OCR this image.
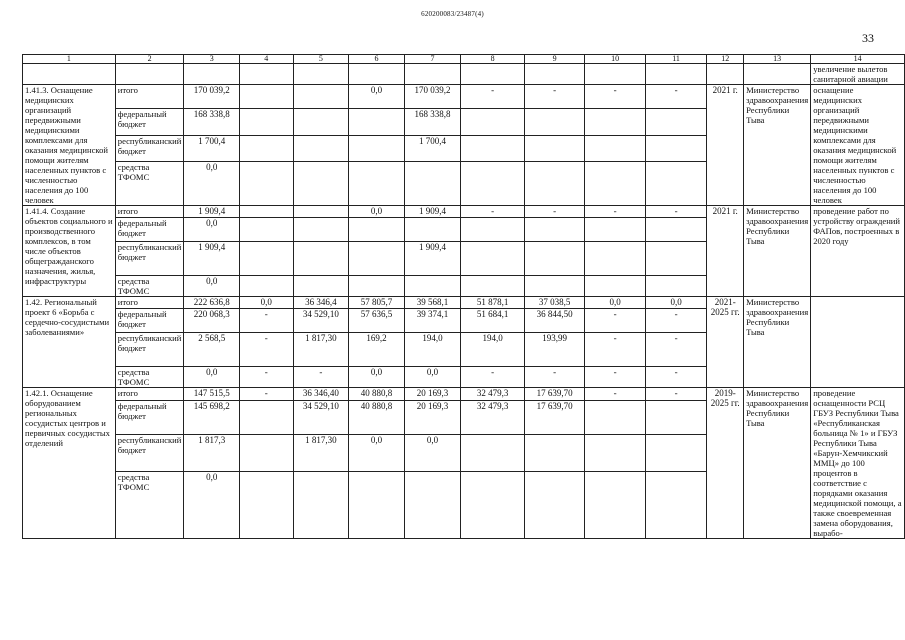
620200083/23487(4)
33
1	2	3	4	5	6	7	8	9	10	11	12	13	14
													увеличение вылетов санитарной авиации
1.41.3. Оснащение медицинских организаций передвижными медицинскими комплексами для оказания медицинской помощи жителям населенных пунктов с численностью населения до 100 человек	итого	170 039,2			0,0	170 039,2	-	-	-	-	2021 г.	Министерство здравоохранения Республики Тыва	оснащение медицинских организаций передвижными медицинскими комплексами для оказания медицинской помощи жителям населенных пунктов с численностью населения до 100 человек
	федеральный бюджет	168 338,8				168 338,8							
	республиканский бюджет	1 700,4				1 700,4							
	средства ТФОМС	0,0											
1.41.4. Создание объектов социального и производственного комплексов, в том числе объектов общегражданского назначения, жилья, инфраструктуры	итого	1 909,4			0,0	1 909,4	-	-	-	-	2021 г.	Министерство здравоохранения Республики Тыва	проведение работ по устройству ограждений ФАПов, построенных в 2020 году
	федеральный бюджет	0,0											
	республиканский бюджет	1 909,4				1 909,4							
	средства ТФОМС	0,0											
1.42. Региональный проект 6 «Борьба с сердечно-сосудистыми заболеваниями»	итого	222 636,8	0,0	36 346,4	57 805,7	39 568,1	51 878,1	37 038,5	0,0	0,0	2021-2025 гг.	Министерство здравоохранения Республики Тыва	
	федеральный бюджет	220 068,3	-	34 529,10	57 636,5	39 374,1	51 684,1	36 844,50	-	-			
	республиканский бюджет	2 568,5	-	1 817,30	169,2	194,0	194,0	193,99	-	-			
	средства ТФОМС	0,0	-	-	0,0	0,0	-	-	-	-			
1.42.1. Оснащение оборудованием региональных сосудистых центров и первичных сосудистых отделений	итого	147 515,5	-	36 346,40	40 880,8	20 169,3	32 479,3	17 639,70	-	-	2019-2025 гг.	Министерство здравоохранения Республики Тыва	проведение оснащенности РСЦ ГБУЗ Республики Тыва «Республиканская больница № 1» и ГБУЗ Республики Тыва «Барун-Хемчикский ММЦ» до 100 процентов в соответствие с порядками оказания медицинской помощи, а также своевременная замена оборудования, вырабо-
	федеральный бюджет	145 698,2		34 529,10	40 880,8	20 169,3	32 479,3	17 639,70					
	республиканский бюджет	1 817,3		1 817,30	0,0	0,0							
	средства ТФОМС	0,0											
